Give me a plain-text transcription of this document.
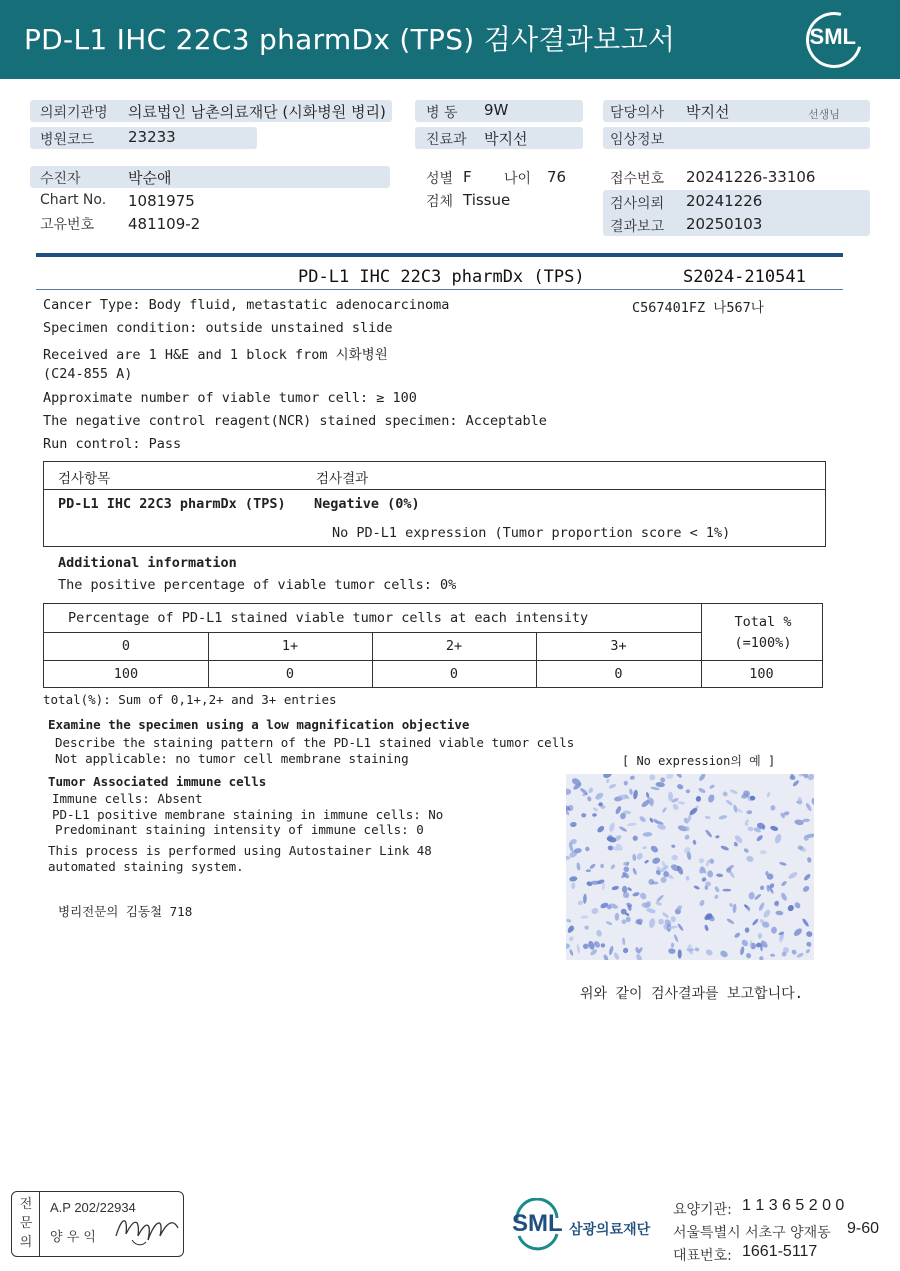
PD-L1 IHC 22C3 pharmDx (TPS) 검사결과보고서	SML
의뢰기관명 의료법인 남촌의료재단 (시화병원 병리)	병 동 9W	담당의사 박지선	선생님
병원코드 23233	진료과 박지선	임상정보
수진자	박순애	성별 F 나이 76	접수번호 20241226-33106
Chart No. 1081975	검체 Tissue	검사의뢰 20241226
고유번호 481109-2	결과보고 20250103
PD-L1 IHC 22C3 pharmDx (TPS)	S2024-210541
C567401FZ 나567나
Cancer Type: Body fluid, metastatic adenocarcinoma
Specimen condition: outside unstained slide
Received are 1 H&E and 1 block from 시화병원
(C24-855 A)
Approximate number of viable tumor cell: ≥ 100
The negative control reagent(NCR) stained specimen: Acceptable
Run control: Pass
검사항목	검사결과
PD-L1 IHC 22C3 pharmDx (TPS) Negative (0%)
No PD-L1 expression (Tumor proportion score < 1%)
Additional information
The positive percentage of viable tumor cells: 0%
Percentage of PD-L1 stained viable tumor cells at each intensity	Total %
(=100%)
0	1+	2+	3+
100	0	0	0	100
total(%): Sum of 0,1+,2+ and 3+ entries
Examine the specimen using a low magnification objective
Describe the staining pattern of the PD-L1 stained viable tumor cells
Not applicable: no tumor cell membrane staining	[ No expression의 예 ]
Tumor Associated immune cells
Immune cells: Absent
PD-L1 positive membrane staining in immune cells: No
Predominant staining intensity of immune cells: 0
This process is performed using Autostainer Link 48
automated staining system.
병리전문의 김동철 718
위와 같이 검사결과를 보고합니다.
전문의
A.P 202/22934
양 우 익
SML 삼광의료재단
요양기관: 1 1 3 6 5 2 0 0
서울특별시 서초구 양재동 9-60
대표번호: 1661-5117
